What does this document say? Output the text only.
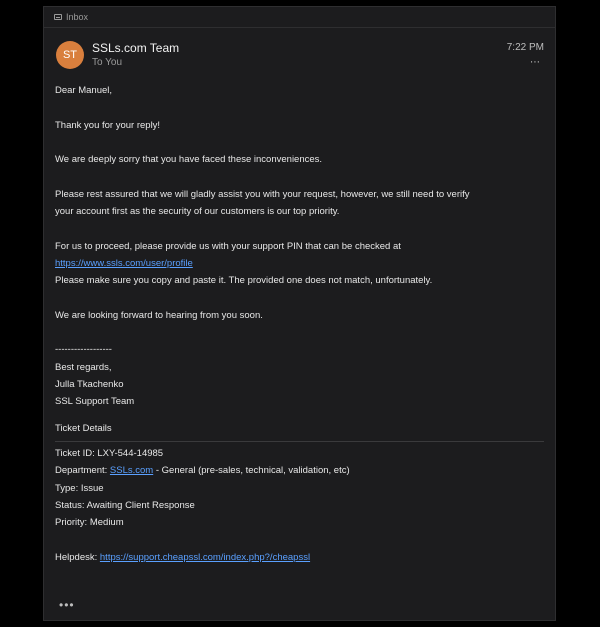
Inbox
ST	SSLs.com Team
To You
7:22 PM
⋯

Dear Manuel,

Thank you for your reply!

We are deeply sorry that you have faced these inconveniences.

Please rest assured that we will gladly assist you with your request, however, we still need to verify

your account first as the security of our customers is our top priority.

For us to proceed, please provide us with your support PIN that can be checked at

https://www.ssls.com/user/profile

Please make sure you copy and paste it. The provided one does not match, unfortunately.

We are looking forward to hearing from you soon.

------------------

Best regards,

Julla Tkachenko

SSL Support Team

Ticket Details

Ticket ID: LXY-544-14985

Department: SSLs.com - General (pre-sales, technical, validation, etc)

Type: Issue

Status: Awaiting Client Response

Priority: Medium

Helpdesk: https://support.cheapssl.com/index.php?/cheapssl

•••
